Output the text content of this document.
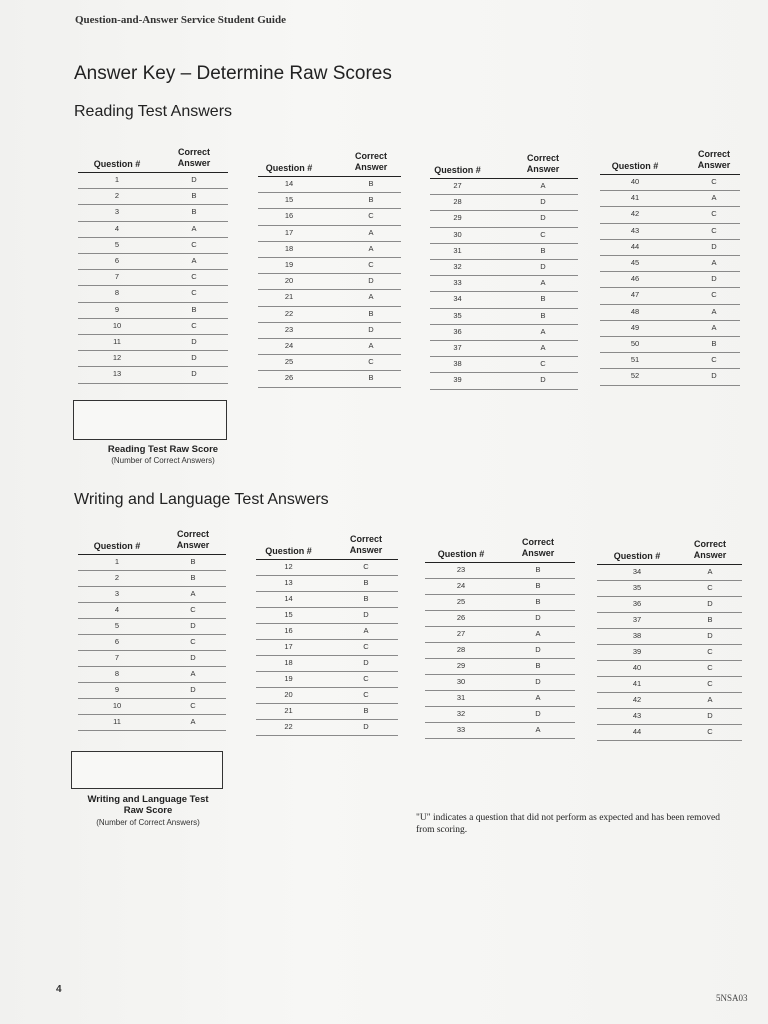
Question-and-Answer Service Student Guide
Answer Key – Determine Raw Scores
Reading Test Answers
Question #
Correct
Answer
1	D
2	B
3	B
4	A
5	C
6	A
7	C
8	C
9	B
10	C
11	D
12	D
13	D
Question #
Correct
Answer
14	B
15	B
16	C
17	A
18	A
19	C
20	D
21	A
22	B
23	D
24	A
25	C
26	B
Question #
Correct
Answer
27	A
28	D
29	D
30	C
31	B
32	D
33	A
34	B
35	B
36	A
37	A
38	C
39	D
Question #
Correct
Answer
40	C
41	A
42	C
43	C
44	D
45	A
46	D
47	C
48	A
49	A
50	B
51	C
52	D
Reading Test Raw Score
(Number of Correct Answers)
Writing and Language Test Answers
Question #
Correct
Answer
1	B
2	B
3	A
4	C
5	D
6	C
7	D
8	A
9	D
10	C
11	A
Question #
Correct
Answer
12	C
13	B
14	B
15	D
16	A
17	C
18	D
19	C
20	C
21	B
22	D
Question #
Correct
Answer
23	B
24	B
25	B
26	D
27	A
28	D
29	B
30	D
31	A
32	D
33	A
Question #
Correct
Answer
34	A
35	C
36	D
37	B
38	D
39	C
40	C
41	C
42	A
43	D
44	C
Writing and Language Test
Raw Score
(Number of Correct Answers)	"U" indicates a question that did not perform as expected and has been removed from scoring.
4
5NSA03
